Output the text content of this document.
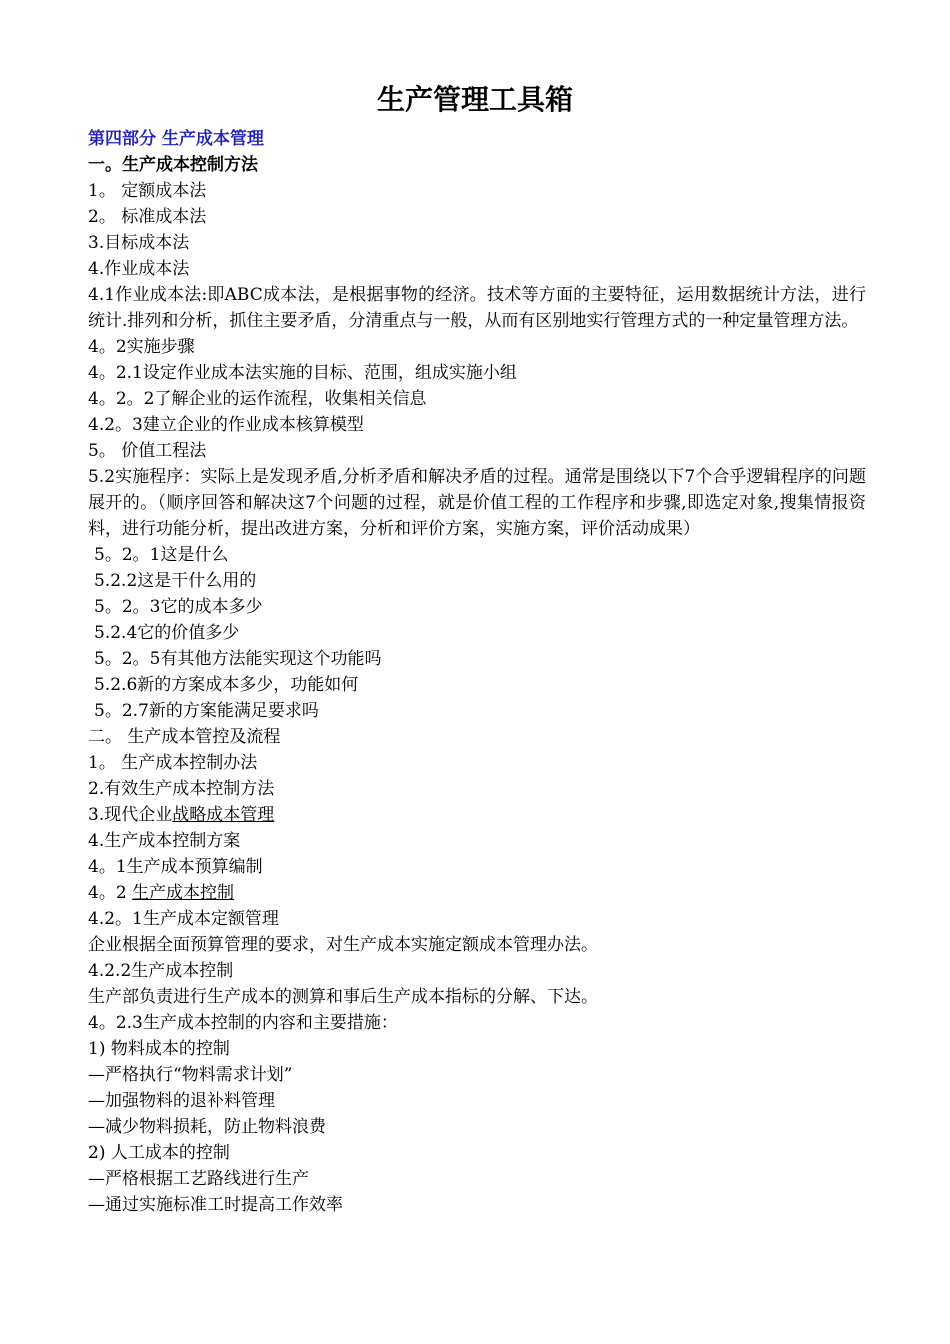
生产管理工具箱
第四部分 生产成本管理
一。生产成本控制方法
1。 定额成本法
2。 标准成本法
3.目标成本法
4.作业成本法
4.1作业成本法:即ABC成本法，是根据事物的经济。技术等方面的主要特征，运用数据统计方法，进行统计.排列和分析，抓住主要矛盾，分清重点与一般，从而有区别地实行管理方式的一种定量管理方法。
4。2实施步骤
4。2.1设定作业成本法实施的目标、范围，组成实施小组
4。2。2了解企业的运作流程，收集相关信息
4.2。3建立企业的作业成本核算模型
5。 价值工程法
5.2实施程序：实际上是发现矛盾,分析矛盾和解决矛盾的过程。通常是围绕以下7个合乎逻辑程序的问题展开的。（顺序回答和解决这7个问题的过程，就是价值工程的工作程序和步骤,即选定对象,搜集情报资料，进行功能分析，提出改进方案，分析和评价方案，实施方案，评价活动成果）
5。2。1这是什么
5.2.2这是干什么用的
5。2。3它的成本多少
5.2.4它的价值多少
5。2。5有其他方法能实现这个功能吗
5.2.6新的方案成本多少，功能如何
5。2.7新的方案能满足要求吗
二。 生产成本管控及流程
1。 生产成本控制办法
2.有效生产成本控制方法
3.现代企业战略成本管理
4.生产成本控制方案
4。1生产成本预算编制
4。2 生产成本控制
4.2。1生产成本定额管理
企业根据全面预算管理的要求，对生产成本实施定额成本管理办法。
4.2.2生产成本控制
生产部负责进行生产成本的测算和事后生产成本指标的分解、下达。
4。2.3生产成本控制的内容和主要措施：
1) 物料成本的控制
—严格执行“物料需求计划”
—加强物料的退补料管理
—减少物料损耗，防止物料浪费
2) 人工成本的控制
—严格根据工艺路线进行生产
—通过实施标准工时提高工作效率
